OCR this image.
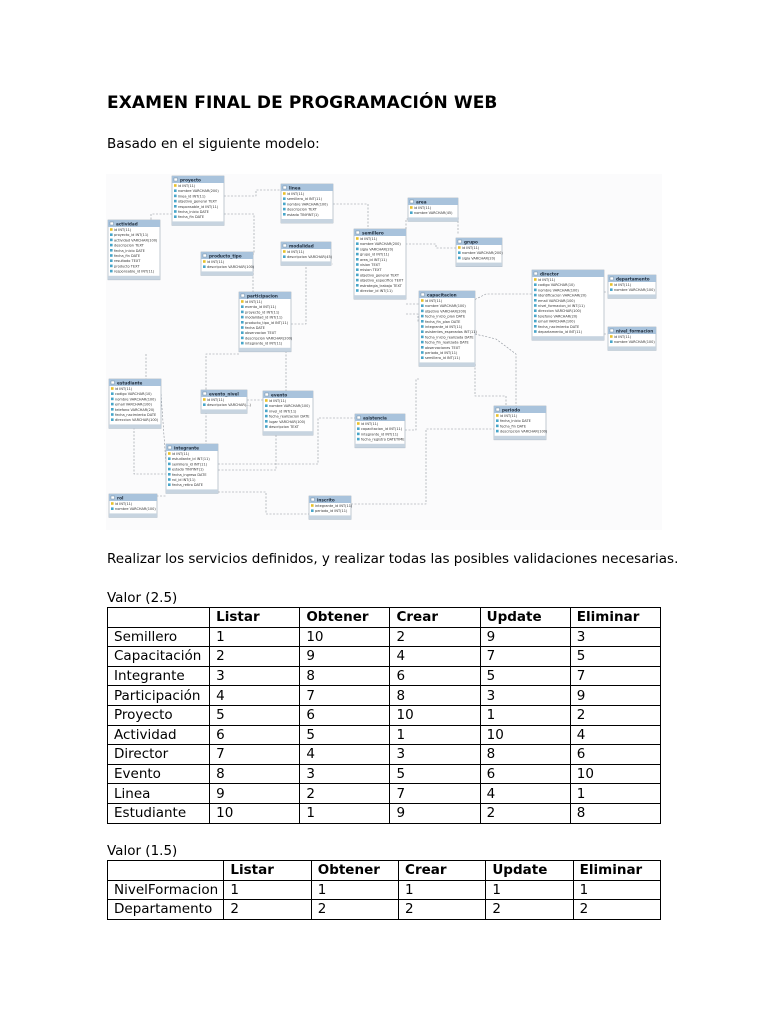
EXAMEN FINAL DE PROGRAMACIÓN WEB
Basado en el siguiente modelo:
proyecto
id INT(11)
nombre VARCHAR(200)
linea_id INT(11)
objetivo_general TEXT
responsable_id INT(11)
fecha_inicio DATE
fecha_fin DATE
linea
id INT(11)
semillero_id INT(11)
nombre VARCHAR(100)
descripcion TEXT
estado TINYINT(1)
area
id INT(11)
nombre VARCHAR(45)
actividad
id INT(11)
proyecto_id INT(11)
actividad VARCHAR(100)
descripcion TEXT
fecha_inicio DATE
fecha_fin DATE
resultado TEXT
producto TEXT
responsable_id INT(11)
producto_tipo
id INT(11)
descripcion VARCHAR(100)
modalidad
id INT(11)
descripcion VARCHAR(45)
semillero
id INT(11)
nombre VARCHAR(200)
sigla VARCHAR(20)
grupo_id INT(11)
area_id INT(11)
vision TEXT
mision TEXT
objetivo_general TEXT
objetivo_especifico TEXT
estrategia_trabajo TEXT
director_id INT(11)
grupo
id INT(11)
nombre VARCHAR(200)
sigla VARCHAR(20)
director
id INT(11)
codigo VARCHAR(10)
nombre VARCHAR(100)
identificacion VARCHAR(20)
email VARCHAR(100)
nivel_formacion_id INT(11)
direccion VARCHAR(100)
telefono VARCHAR(20)
email VARCHAR(100)
fecha_nacimiento DATE
departamento_id INT(11)
departamento
id INT(11)
nombre VARCHAR(100)
nivel_formacion
id INT(11)
nombre VARCHAR(100)
participacion
id INT(11)
evento_id INT(11)
proyecto_id INT(11)
modalidad_id INT(11)
producto_tipo_id INT(11)
fecha DATE
observacion TEXT
descripcion VARCHAR(200)
integrante_id INT(11)
capacitacion
id INT(11)
nombre VARCHAR(100)
objetivo VARCHAR(200)
fecha_inicio_plan DATE
fecha_fin_plan DATE
integrante_id INT(11)
asistentes_esperados INT(11)
fecha_inicio_realizada DATE
fecha_fin_realizada DATE
observaciones TEXT
periodo_id INT(11)
semillero_id INT(11)
estudiante
id INT(11)
codigo VARCHAR(10)
nombre VARCHAR(100)
email VARCHAR(100)
telefono VARCHAR(20)
fecha_nacimiento DATE
direccion VARCHAR(100)
evento_nivel
id INT(11)
descripcion VARCHAR(...)
evento
id INT(11)
nombre VARCHAR(100)
nivel_id INT(11)
fecha_realizacion DATE
lugar VARCHAR(100)
descripcion TEXT
asistencia
id INT(11)
capacitacion_id INT(11)
integrante_id INT(11)
fecha_registro DATETIME
periodo
id INT(11)
fecha_inicio DATE
fecha_fin DATE
descripcion VARCHAR(100)
integrante
id INT(11)
estudiante_id INT(11)
semillero_id INT(11)
estado TINYINT(1)
fecha_ingreso DATE
rol_id INT(11)
fecha_retiro DATE
rol
id INT(11)
nombre VARCHAR(100)
inscrito
integrante_id INT(11)
periodo_id INT(11)
Realizar los servicios definidos, y realizar todas las posibles validaciones necesarias.
Valor (2.5)
	Listar	Obtener	Crear	Update	Eliminar
Semillero	1	10	2	9	3
Capacitación	2	9	4	7	5
Integrante	3	8	6	5	7
Participación	4	7	8	3	9
Proyecto	5	6	10	1	2
Actividad	6	5	1	10	4
Director	7	4	3	8	6
Evento	8	3	5	6	10
Linea	9	2	7	4	1
Estudiante	10	1	9	2	8
Valor (1.5)
	Listar	Obtener	Crear	Update	Eliminar
NivelFormacion	1	1	1	1	1
Departamento	2	2	2	2	2
